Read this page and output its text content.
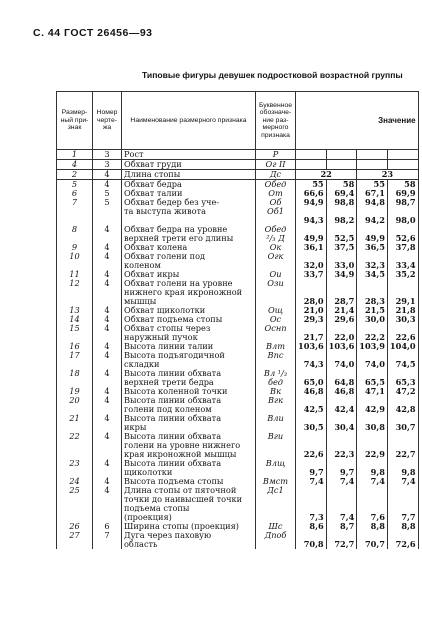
С. 44 ГОСТ 26456—93
Типовые фигуры девушек подростковой возрастной группы
Размер-ный при-знак	Номер черте-жа	Наименование размерного признака	Буквенное обозначе-ние раз-мерного признака	Значение			
1	3	Рост	Р				
4	3	Обхват груди	Ог II				
2	4	Длина стопы	Дс	22		23	
5	4	Обхват бедра	Обед	55	58	55	58
6	5	Обхват талии	От	66,6	69,4	67,1	69,9
7	5	Обхват бедер без уче-	Об	94,9	98,8	94,8	98,7
		та выступа живота	Об1				
				94,3	98,2	94,2	98,0
8	4	Обхват бедра на уровне	Обед				
		верхней трети его длины	²/₃ Д	49,9	52,5	49,9	52,6
9	4	Обхват колена	Ок	36,1	37,5	36,5	37,8
10	4	Обхват голени под	Огк				
		коленом		32,0	33,0	32,3	33,4
11	4	Обхват икры	Ои	33,7	34,9	34,5	35,2
12	4	Обхват голени на уровне	Ози				
		нижнего края икроножной					
		мышцы		28,0	28,7	28,3	29,1
13	4	Обхват щиколотки	Ощ	21,0	21,4	21,5	21,8
14	4	Обхват подъема стопы	Ос	29,3	29,6	30,0	30,3
15	4	Обхват стопы через	Оснп				
		наружный пучок		21,7	22,0	22,2	22,6
16	4	Высота линии талии	Влт	103,6	103,6	103,9	104,0
17	4	Высота подъягодичной	Впс				
		складки		74,3	74,0	74,0	74,5
18	4	Высота линии обхвата	Вл ¹/₃				
		верхней трети бедра	бед	65,0	64,8	65,5	65,3
19	4	Высота коленной точки	Вк	46,8	46,8	47,1	47,2
20	4	Высота линии обхвата	Вгк				
		голени под коленом		42,5	42,4	42,9	42,8
21	4	Высота линии обхвата	Вли				
		икры		30,5	30,4	30,8	30,7
22	4	Высота линии обхвата	Вги				
		голени на уровне нижнего					
		края икроножной мышцы		22,6	22,3	22,9	22,7
23	4	Высота линии обхвата	Влщ				
		щиколотки		9,7	9,7	9,8	9,8
24	4	Высота подъема стопы	Вмст	7,4	7,4	7,4	7,4
25	4	Длина стопы от пяточной	Дс1				
		точки до наивысшей точки					
		подъема стопы					
		(проекция)		7,3	7,4	7,6	7,7
26	6	Ширина стопы (проекция)	Шс	8,6	8,7	8,8	8,8
27	7	Дуга через паховую	Дпоб				
		область		70,8	72,7	70,7	72,6
